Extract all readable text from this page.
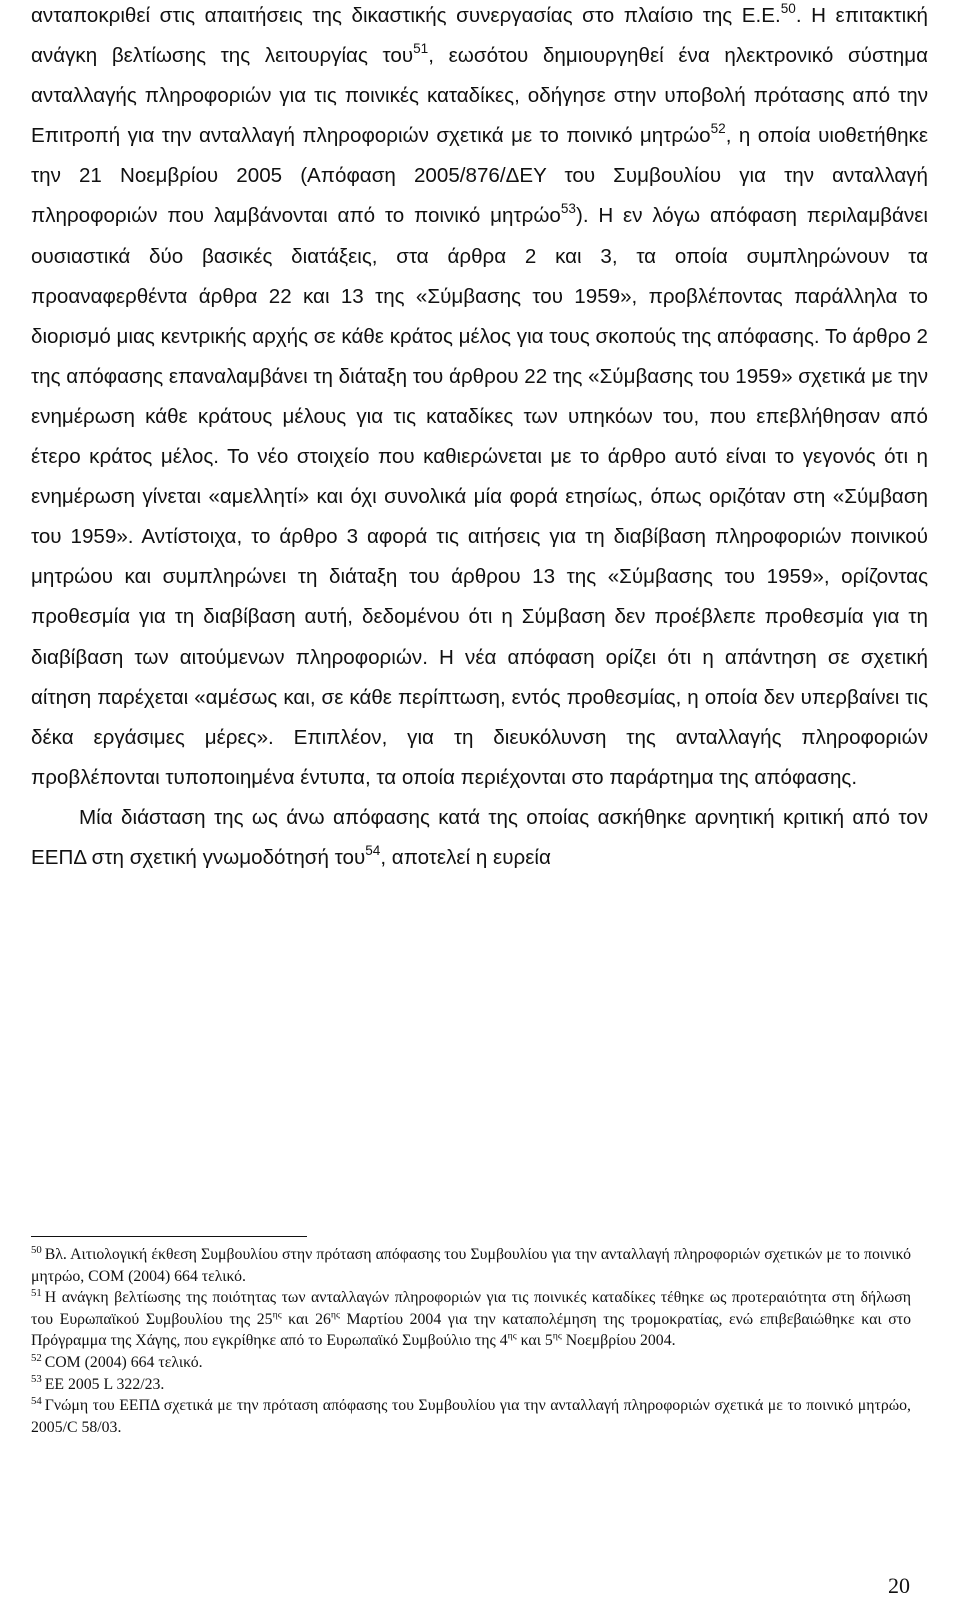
ανταποκριθεί στις απαιτήσεις της δικαστικής συνεργασίας στο πλαίσιο της Ε.Ε.$^{50}$. Η επιτακτική ανάγκη βελτίωσης της λειτουργίας του$^{51}$, εωσότου δημιουργηθεί ένα ηλεκτρονικό σύστημα ανταλλαγής πληροφοριών για τις ποινικές καταδίκες, οδήγησε στην υποβολή πρότασης από την Επιτροπή για την ανταλλαγή πληροφοριών σχετικά με το ποινικό μητρώο$^{52}$, η οποία υιοθετήθηκε την 21 Νοεμβρίου 2005 (Απόφαση 2005/876/ΔΕΥ του Συμβουλίου για την ανταλλαγή πληροφοριών που λαμβάνονται από το ποινικό μητρώο$^{53}$). Η εν λόγω απόφαση περιλαμβάνει ουσιαστικά δύο βασικές διατάξεις, στα άρθρα 2 και 3, τα οποία συμπληρώνουν τα προαναφερθέντα άρθρα 22 και 13 της «Σύμβασης του 1959», προβλέποντας παράλληλα το διορισμό μιας κεντρικής αρχής σε κάθε κράτος μέλος για τους σκοπούς της απόφασης. Το άρθρο 2 της απόφασης επαναλαμβάνει τη διάταξη του άρθρου 22 της «Σύμβασης του 1959» σχετικά με την ενημέρωση κάθε κράτους μέλους για τις καταδίκες των υπηκόων του, που επεβλήθησαν από έτερο κράτος μέλος. Το νέο στοιχείο που καθιερώνεται με το άρθρο αυτό είναι το γεγονός ότι η ενημέρωση γίνεται «αμελλητί» και όχι συνολικά μία φορά ετησίως, όπως οριζόταν στη «Σύμβαση του 1959». Αντίστοιχα, το άρθρο 3 αφορά τις αιτήσεις για τη διαβίβαση πληροφοριών ποινικού μητρώου και συμπληρώνει τη διάταξη του άρθρου 13 της «Σύμβασης του 1959», ορίζοντας προθεσμία για τη διαβίβαση αυτή, δεδομένου ότι η Σύμβαση δεν προέβλεπε προθεσμία για τη διαβίβαση των αιτούμενων πληροφοριών. Η νέα απόφαση ορίζει ότι η απάντηση σε σχετική αίτηση παρέχεται «αμέσως και, σε κάθε περίπτωση, εντός προθεσμίας, η οποία δεν υπερβαίνει τις δέκα εργάσιμες μέρες». Επιπλέον, για τη διευκόλυνση της ανταλλαγής πληροφοριών προβλέπονται τυποποιημένα έντυπα, τα οποία περιέχονται στο παράρτημα της απόφασης.

Μία διάσταση της ως άνω απόφασης κατά της οποίας ασκήθηκε αρνητική κριτική από τον ΕΕΠΔ στη σχετική γνωμοδότησή του$^{54}$, αποτελεί η ευρεία

$^{50}$ Βλ. Αιτιολογική έκθεση Συμβουλίου στην πρόταση απόφασης του Συμβουλίου για την ανταλλαγή πληροφοριών σχετικών με το ποινικό μητρώο, COM (2004) 664 τελικό.

$^{51}$ Η ανάγκη βελτίωσης της ποιότητας των ανταλλαγών πληροφοριών για τις ποινικές καταδίκες τέθηκε ως προτεραιότητα στη δήλωση του Ευρωπαϊκού Συμβουλίου της $25^{\eta\varsigma}$ και $26^{\eta\varsigma}$ Μαρτίου 2004 για την καταπολέμηση της τρομοκρατίας, ενώ επιβεβαιώθηκε και στο Πρόγραμμα της Χάγης, που εγκρίθηκε από το Ευρωπαϊκό Συμβούλιο της $4^{\eta\varsigma}$ και $5^{\eta\varsigma}$ Νοεμβρίου 2004.

$^{52}$ COM (2004) 664 τελικό.

$^{53}$ ΕΕ 2005 L 322/23.

$^{54}$ Γνώμη του ΕΕΠΔ σχετικά με την πρόταση απόφασης του Συμβουλίου για την ανταλλαγή πληροφοριών σχετικά με το ποινικό μητρώο, 2005/C 58/03.

20
